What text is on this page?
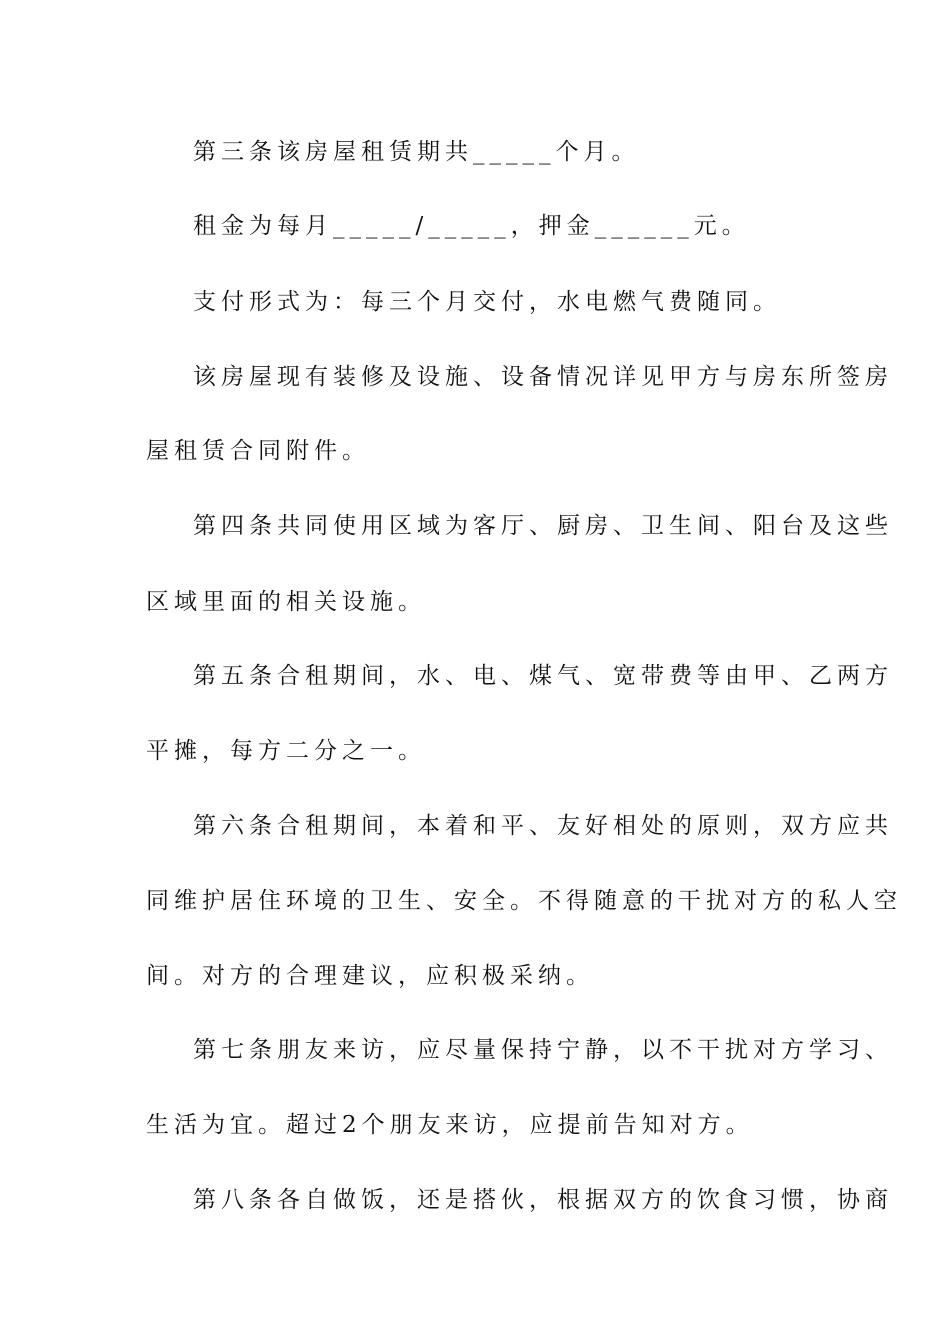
第三条该房屋租赁期共_____个月。
租金为每月_____/_____，押金______元。
支付形式为：每三个月交付，水电燃气费随同。
该房屋现有装修及设施、设备情况详见甲方与房东所签房
屋租赁合同附件。
第四条共同使用区域为客厅、厨房、卫生间、阳台及这些
区域里面的相关设施。
第五条合租期间，水、电、煤气、宽带费等由甲、乙两方
平摊，每方二分之一。
第六条合租期间，本着和平、友好相处的原则，双方应共
同维护居住环境的卫生、安全。不得随意的干扰对方的私人空
间。对方的合理建议，应积极采纳。
第七条朋友来访，应尽量保持宁静，以不干扰对方学习、
生活为宜。超过2个朋友来访，应提前告知对方。
第八条各自做饭，还是搭伙，根据双方的饮食习惯，协商
